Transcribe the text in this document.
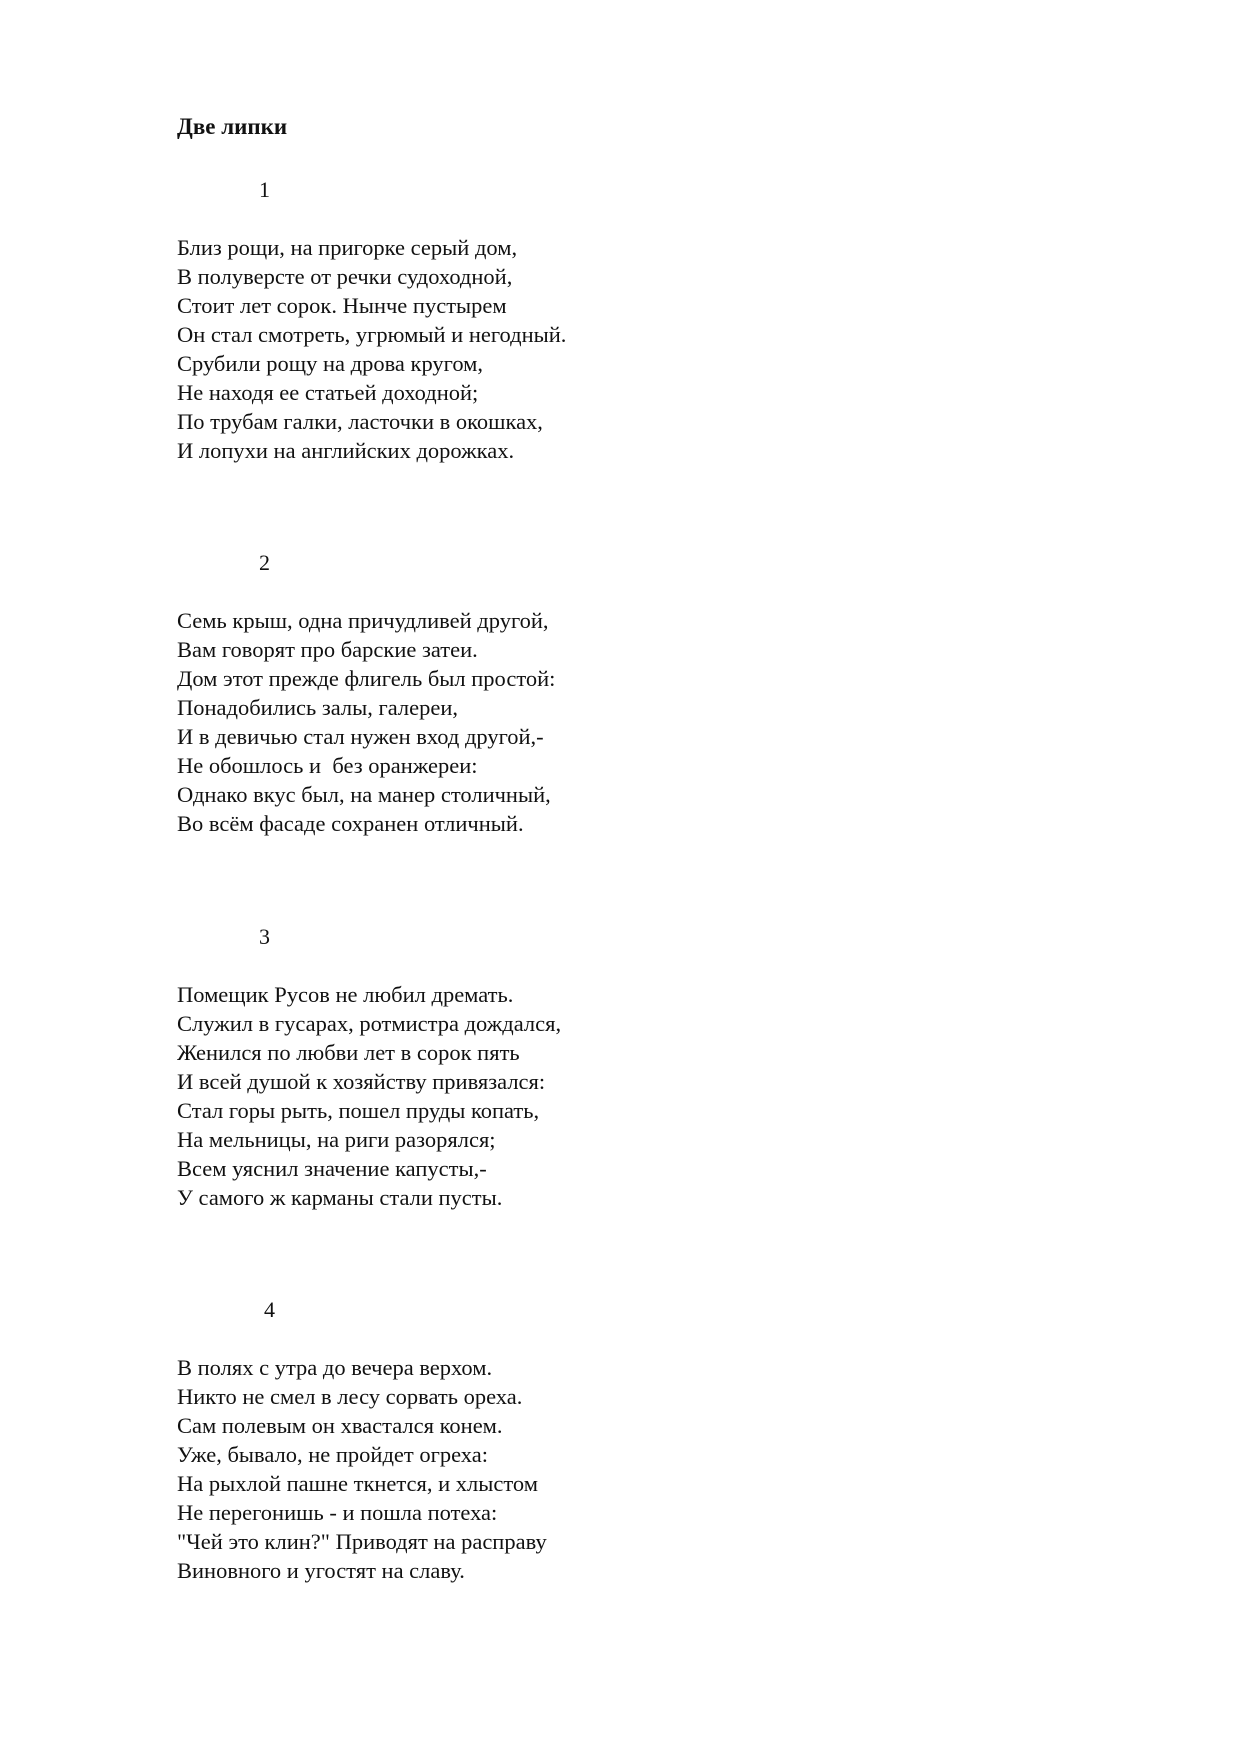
Две липки
1
Близ рощи, на пригорке серый дом,
В полуверсте от речки судоходной,
Стоит лет сорок. Нынче пустырем
Он стал смотреть, угрюмый и негодный.
Срубили рощу на дрова кругом,
Не находя ее статьей доходной;
По трубам галки, ласточки в окошках,
И лопухи на английских дорожках.
2
Семь крыш, одна причудливей другой,
Вам говорят про барские затеи.
Дом этот прежде флигель был простой:
Понадобились залы, галереи,
И в девичью стал нужен вход другой,-
Не обошлось и  без оранжереи:
Однако вкус был, на манер столичный,
Во всём фасаде сохранен отличный.
3
Помещик Русов не любил дремать.
Служил в гусарах, ротмистра дождался,
Женился по любви лет в сорок пять
И всей душой к хозяйству привязался:
Стал горы рыть, пошел пруды копать,
На мельницы, на риги разорялся;
Всем уяснил значение капусты,-
У самого ж карманы стали пусты.
4
В полях с утра до вечера верхом.
Никто не смел в лесу сорвать ореха.
Сам полевым он хвастался конем.
Уже, бывало, не пройдет огреха:
На рыхлой пашне ткнется, и хлыстом
Не перегонишь - и пошла потеха:
"Чей это клин?" Приводят на расправу
Виновного и угостят на славу.
